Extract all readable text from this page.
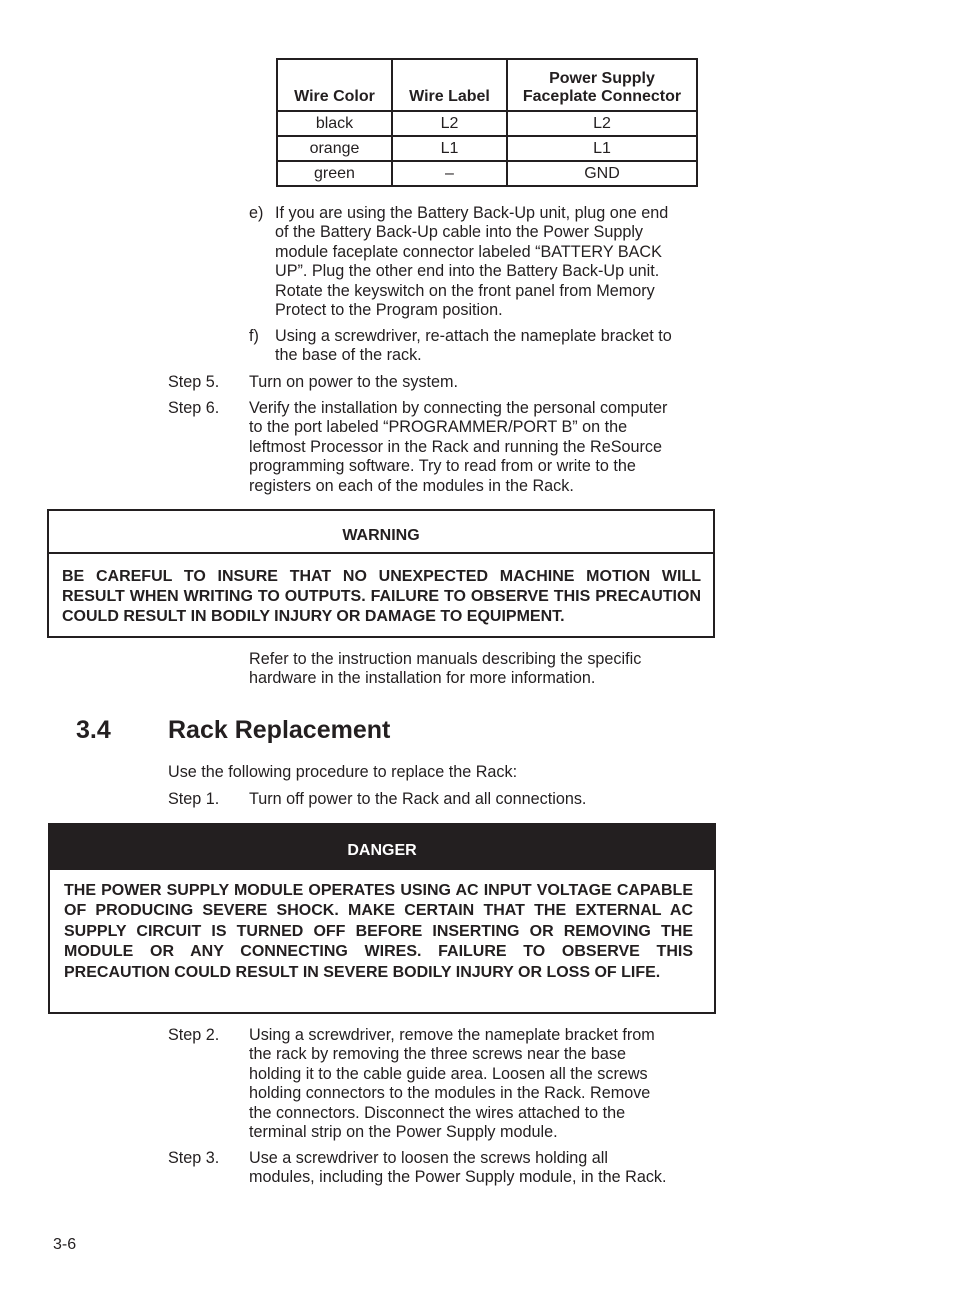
Wire Color	Wire Label	Power Supply Faceplate Connector
black	L2	L2
orange	L1	L1
green	–	GND
e) If you are using the Battery Back-Up unit, plug one end
of the Battery Back-Up cable into the Power Supply
module faceplate connector labeled “BATTERY BACK
UP”. Plug the other end into the Battery Back-Up unit.
Rotate the keyswitch on the front panel from Memory
Protect to the Program position.
f) Using a screwdriver, re-attach the nameplate bracket to
the base of the rack.
Step 5. Turn on power to the system.
Step 6. Verify the installation by connecting the personal computer
to the port labeled “PROGRAMMER/PORT B” on the
leftmost Processor in the Rack and running the ReSource
programming software. Try to read from or write to the
registers on each of the modules in the Rack.
WARNING
BE CAREFUL TO INSURE THAT NO UNEXPECTED MACHINE MOTION WILL RESULT WHEN WRITING TO OUTPUTS. FAILURE TO OBSERVE THIS PRECAUTION COULD RESULT IN BODILY INJURY OR DAMAGE TO EQUIPMENT.
Refer to the instruction manuals describing the specific
hardware in the installation for more information.
3.4 Rack Replacement
Use the following procedure to replace the Rack:
Step 1. Turn off power to the Rack and all connections.
DANGER
THE POWER SUPPLY MODULE OPERATES USING AC INPUT VOLTAGE CAPABLE OF PRODUCING SEVERE SHOCK. MAKE CERTAIN THAT THE EXTERNAL AC SUPPLY CIRCUIT IS TURNED OFF BEFORE INSERTING OR REMOVING THE MODULE OR ANY CONNECTING WIRES. FAILURE TO OBSERVE THIS PRECAUTION COULD RESULT IN SEVERE BODILY INJURY OR LOSS OF LIFE.
Step 2. Using a screwdriver, remove the nameplate bracket from
the rack by removing the three screws near the base
holding it to the cable guide area. Loosen all the screws
holding connectors to the modules in the Rack. Remove
the connectors. Disconnect the wires attached to the
terminal strip on the Power Supply module.
Step 3. Use a screwdriver to loosen the screws holding all
modules, including the Power Supply module, in the Rack.
3-6
